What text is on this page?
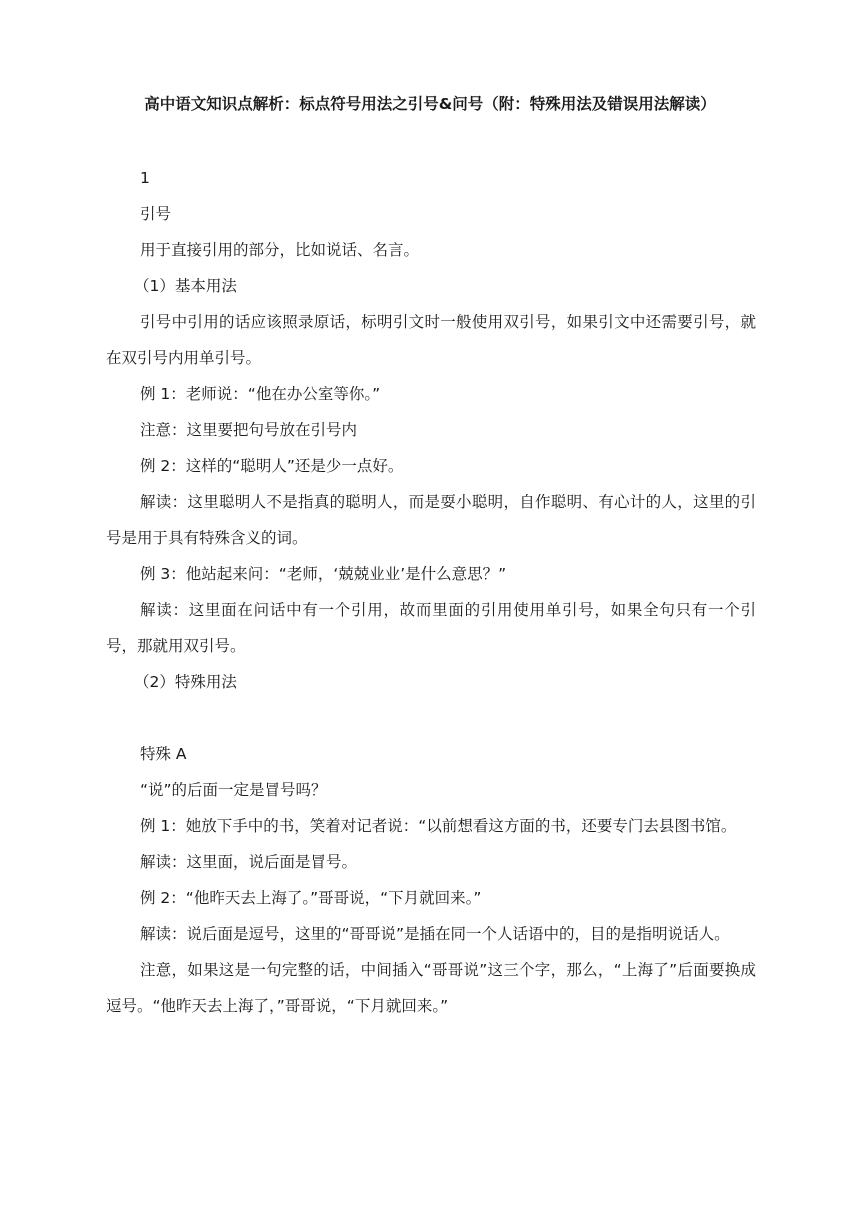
高中语文知识点解析：标点符号用法之引号&问号（附：特殊用法及错误用法解读）

1

引号

用于直接引用的部分，比如说话、名言。

（1）基本用法

引号中引用的话应该照录原话，标明引文时一般使用双引号，如果引文中还需要引号，就在双引号内用单引号。

例 1：老师说：“他在办公室等你。”

注意：这里要把句号放在引号内

例 2：这样的“聪明人”还是少一点好。

解读：这里聪明人不是指真的聪明人，而是耍小聪明，自作聪明、有心计的人，这里的引号是用于具有特殊含义的词。

例 3：他站起来问：“老师，‘兢兢业业’是什么意思？”

解读：这里面在问话中有一个引用，故而里面的引用使用单引号，如果全句只有一个引号，那就用双引号。

（2）特殊用法

特殊 A

“说”的后面一定是冒号吗？

例 1：她放下手中的书，笑着对记者说：“以前想看这方面的书，还要专门去县图书馆。

解读：这里面，说后面是冒号。

例 2：“他昨天去上海了。”哥哥说，“下月就回来。”

解读：说后面是逗号，这里的“哥哥说”是插在同一个人话语中的，目的是指明说话人。

注意，如果这是一句完整的话，中间插入“哥哥说”这三个字，那么，“上海了”后面要换成逗号。“他昨天去上海了，”哥哥说，“下月就回来。”
